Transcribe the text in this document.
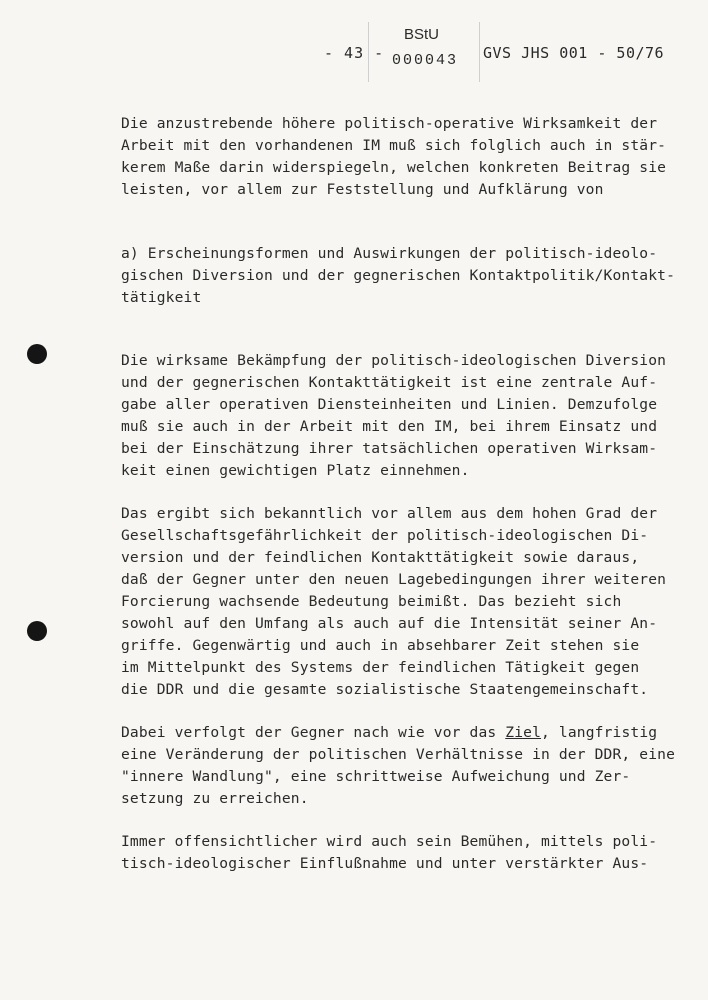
- 43 -
BStU
000043 GVS JHS 001 - 50/76
Die anzustrebende höhere politisch-operative Wirksamkeit der
Arbeit mit den vorhandenen IM muß sich folglich auch in stär-
kerem Maße darin widerspiegeln, welchen konkreten Beitrag sie
leisten, vor allem zur Feststellung und Aufklärung von
a) Erscheinungsformen und Auswirkungen der politisch-ideolo-
gischen Diversion und der gegnerischen Kontaktpolitik/Kontakt-
tätigkeit
Die wirksame Bekämpfung der politisch-ideologischen Diversion
und der gegnerischen Kontakttätigkeit ist eine zentrale Auf-
gabe aller operativen Diensteinheiten und Linien. Demzufolge
muß sie auch in der Arbeit mit den IM, bei ihrem Einsatz und
bei der Einschätzung ihrer tatsächlichen operativen Wirksam-
keit einen gewichtigen Platz einnehmen.
Das ergibt sich bekanntlich vor allem aus dem hohen Grad der
Gesellschaftsgefährlichkeit der politisch-ideologischen Di-
version und der feindlichen Kontakttätigkeit sowie daraus,
daß der Gegner unter den neuen Lagebedingungen ihrer weiteren
Forcierung wachsende Bedeutung beimißt. Das bezieht sich
sowohl auf den Umfang als auch auf die Intensität seiner An-
griffe. Gegenwärtig und auch in absehbarer Zeit stehen sie
im Mittelpunkt des Systems der feindlichen Tätigkeit gegen
die DDR und die gesamte sozialistische Staatengemeinschaft.
Dabei verfolgt der Gegner nach wie vor das Ziel, langfristig
eine Veränderung der politischen Verhältnisse in der DDR, eine
"innere Wandlung", eine schrittweise Aufweichung und Zer-
setzung zu erreichen.
Immer offensichtlicher wird auch sein Bemühen, mittels poli-
tisch-ideologischer Einflußnahme und unter verstärkter Aus-
